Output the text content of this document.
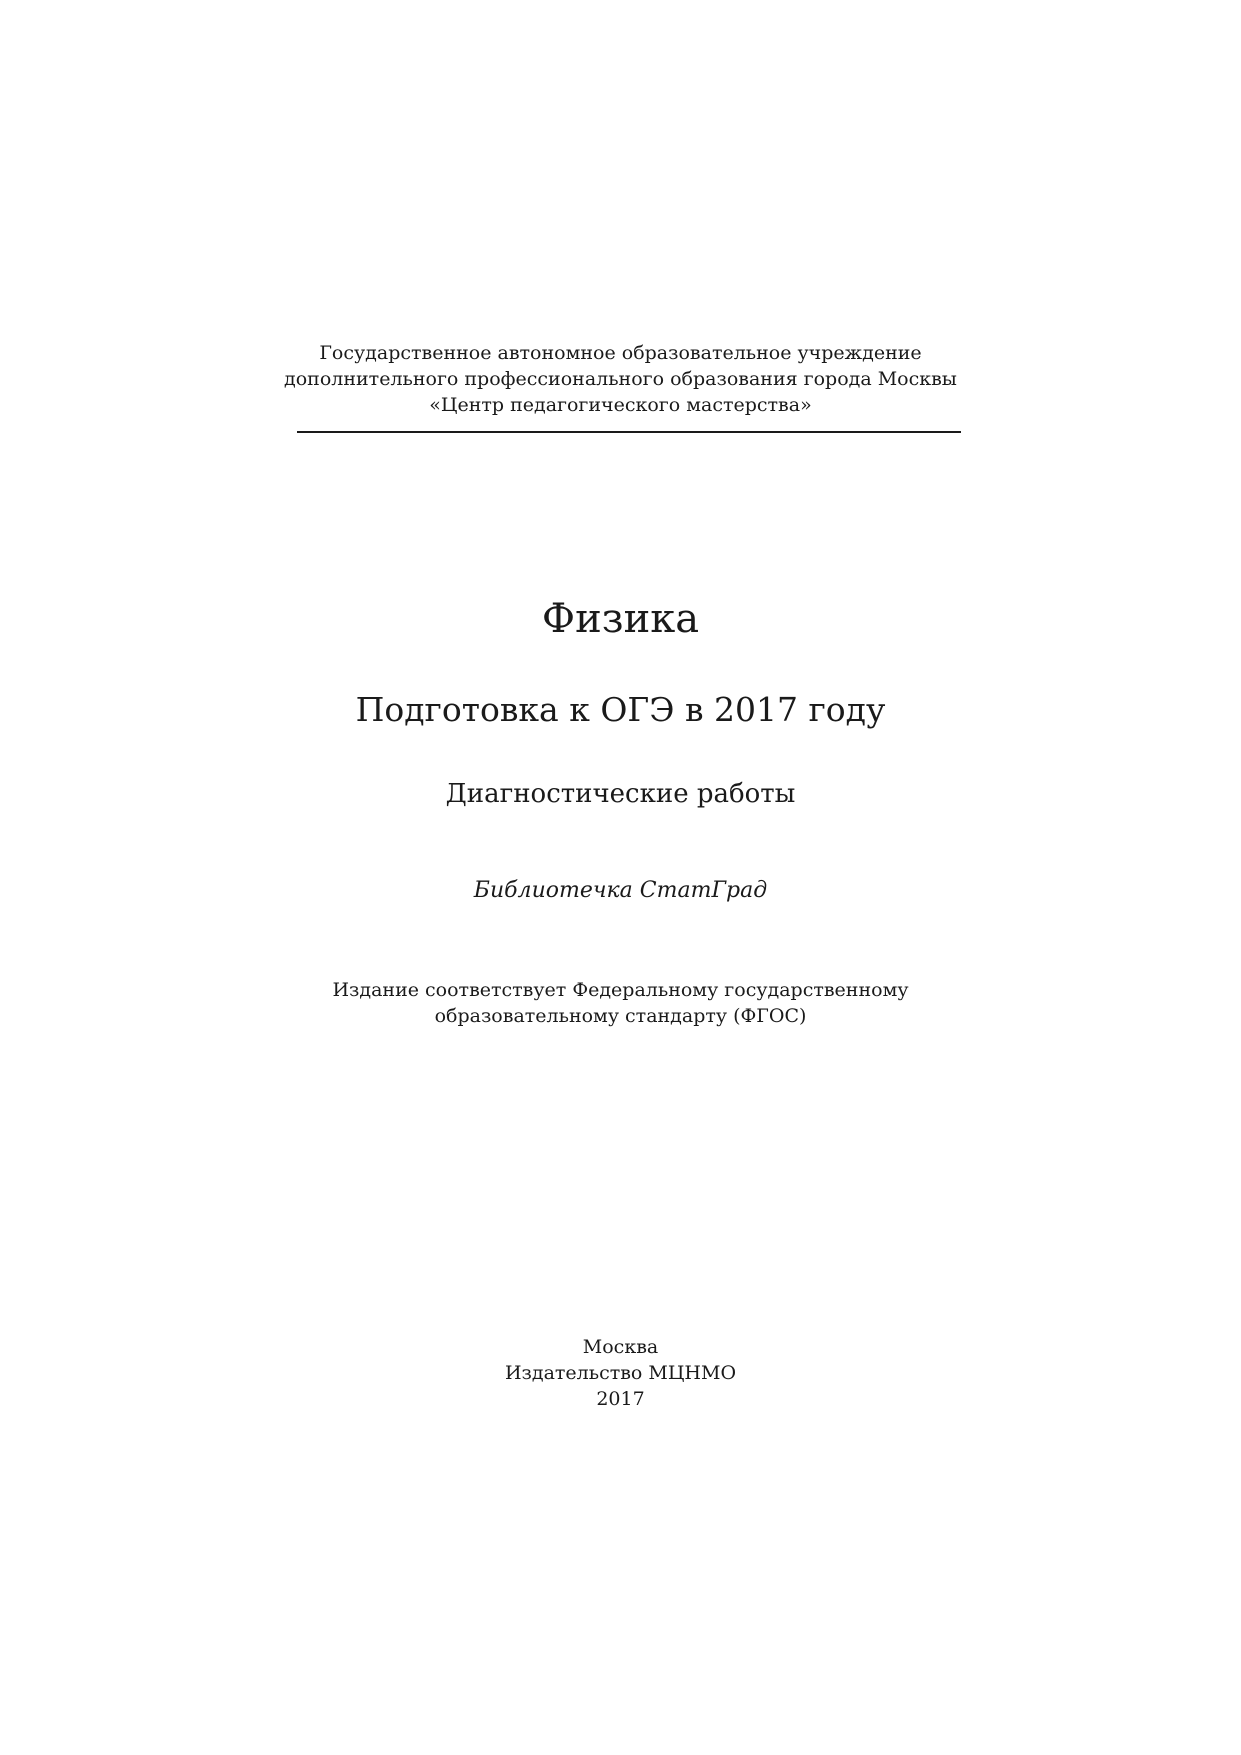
Государственное автономное образовательное учреждение
дополнительного профессионального образования города Москвы
«Центр педагогического мастерства»
Физика
Подготовка к ОГЭ в 2017 году
Диагностические работы
Библиотечка СтатГрад
Издание соответствует Федеральному государственному
образовательному стандарту (ФГОС)
Москва
Издательство МЦНМО
2017
